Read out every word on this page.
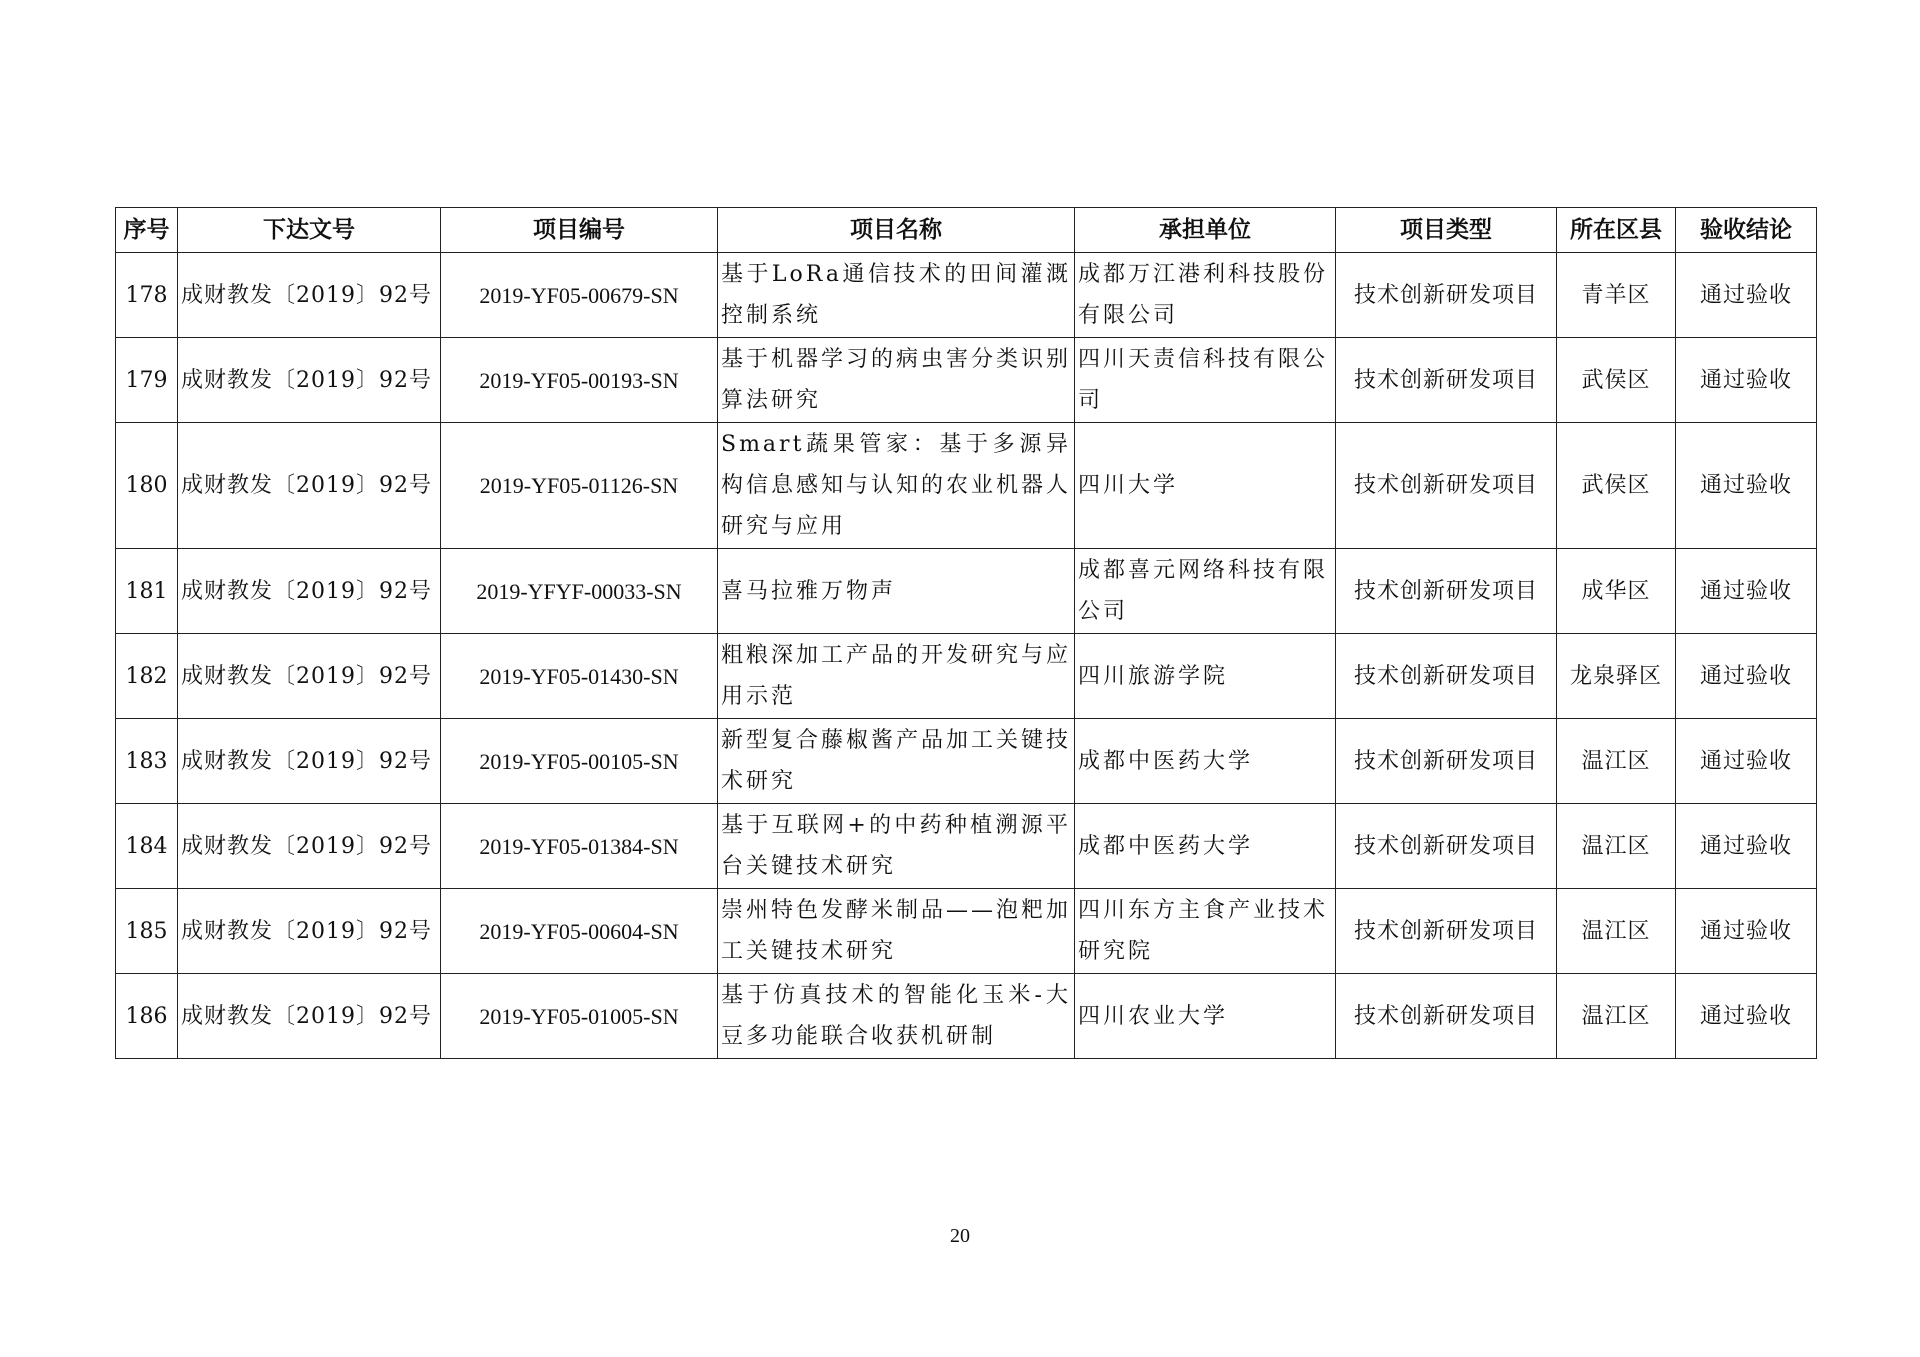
序号	下达文号	项目编号	项目名称	承担单位	项目类型	所在区县	验收结论
178	成财教发〔2019〕92号	2019-YF05-00679-SN	基于LoRa通信技术的田间灌溉控制系统	成都万江港利科技股份有限公司	技术创新研发项目	青羊区	通过验收
179	成财教发〔2019〕92号	2019-YF05-00193-SN	基于机器学习的病虫害分类识别算法研究	四川天责信科技有限公司	技术创新研发项目	武侯区	通过验收
180	成财教发〔2019〕92号	2019-YF05-01126-SN	Smart蔬果管家：基于多源异构信息感知与认知的农业机器人研究与应用	四川大学	技术创新研发项目	武侯区	通过验收
181	成财教发〔2019〕92号	2019-YFYF-00033-SN	喜马拉雅万物声	成都喜元网络科技有限公司	技术创新研发项目	成华区	通过验收
182	成财教发〔2019〕92号	2019-YF05-01430-SN	粗粮深加工产品的开发研究与应用示范	四川旅游学院	技术创新研发项目	龙泉驿区	通过验收
183	成财教发〔2019〕92号	2019-YF05-00105-SN	新型复合藤椒酱产品加工关键技术研究	成都中医药大学	技术创新研发项目	温江区	通过验收
184	成财教发〔2019〕92号	2019-YF05-01384-SN	基于互联网+的中药种植溯源平台关键技术研究	成都中医药大学	技术创新研发项目	温江区	通过验收
185	成财教发〔2019〕92号	2019-YF05-00604-SN	崇州特色发酵米制品——泡粑加工关键技术研究	四川东方主食产业技术研究院	技术创新研发项目	温江区	通过验收
186	成财教发〔2019〕92号	2019-YF05-01005-SN	基于仿真技术的智能化玉米-大豆多功能联合收获机研制	四川农业大学	技术创新研发项目	温江区	通过验收
20
